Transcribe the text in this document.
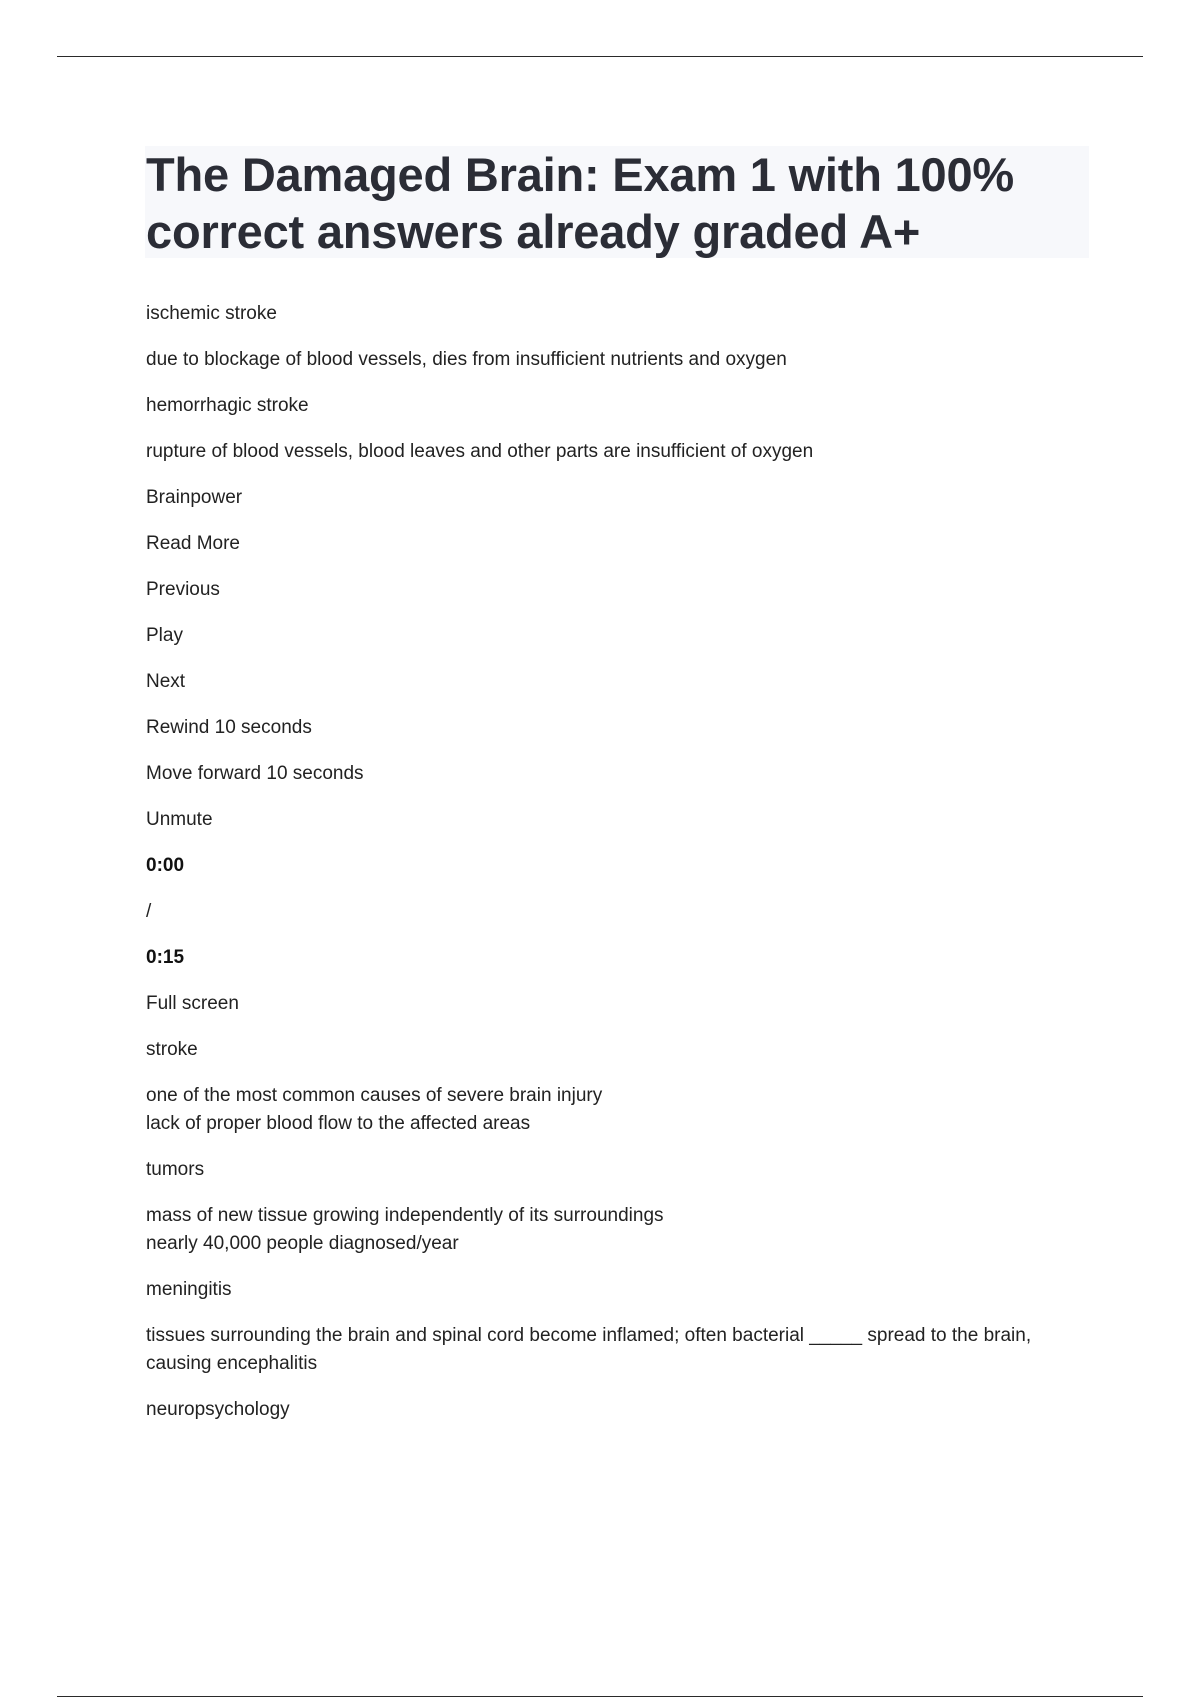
The Damaged Brain: Exam 1 with 100% correct answers already graded A+

ischemic stroke

due to blockage of blood vessels, dies from insufficient nutrients and oxygen

hemorrhagic stroke

rupture of blood vessels, blood leaves and other parts are insufficient of oxygen

Brainpower

Read More

Previous

Play

Next

Rewind 10 seconds

Move forward 10 seconds

Unmute

0:00

/

0:15

Full screen

stroke

one of the most common causes of severe brain injury
lack of proper blood flow to the affected areas

tumors

mass of new tissue growing independently of its surroundings
nearly 40,000 people diagnosed/year

meningitis

tissues surrounding the brain and spinal cord become inflamed; often bacterial _____ spread to the brain, causing encephalitis

neuropsychology
